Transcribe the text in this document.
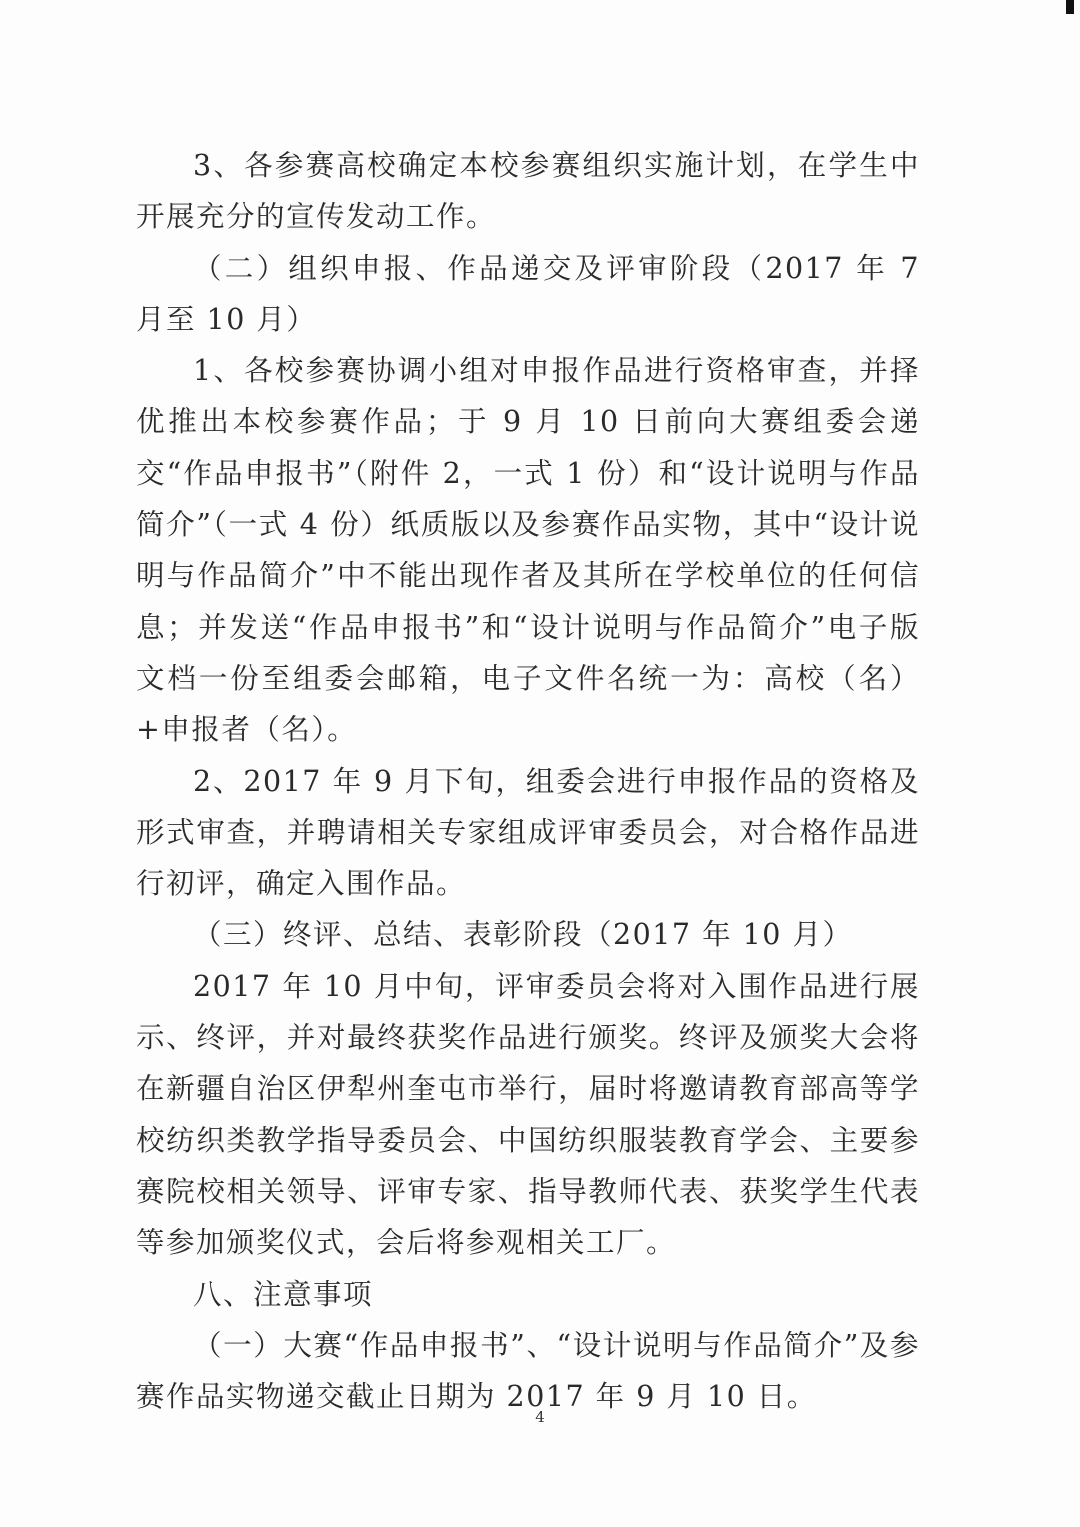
3、各参赛高校确定本校参赛组织实施计划，在学生中开展充分的宣传发动工作。

（二）组织申报、作品递交及评审阶段（2017 年 7 月至 10 月）

1、各校参赛协调小组对申报作品进行资格审查，并择优推出本校参赛作品；于 9 月 10 日前向大赛组委会递交“作品申报书”（附件 2，一式 1 份）和“设计说明与作品简介”（一式 4 份）纸质版以及参赛作品实物，其中“设计说明与作品简介”中不能出现作者及其所在学校单位的任何信息；并发送“作品申报书”和“设计说明与作品简介”电子版文档一份至组委会邮箱，电子文件名统一为：高校（名）+申报者（名）。

2、2017 年 9 月下旬，组委会进行申报作品的资格及形式审查，并聘请相关专家组成评审委员会，对合格作品进行初评，确定入围作品。

（三）终评、总结、表彰阶段（2017 年 10 月）

2017 年 10 月中旬，评审委员会将对入围作品进行展示、终评，并对最终获奖作品进行颁奖。终评及颁奖大会将在新疆自治区伊犁州奎屯市举行，届时将邀请教育部高等学校纺织类教学指导委员会、中国纺织服装教育学会、主要参赛院校相关领导、评审专家、指导教师代表、获奖学生代表等参加颁奖仪式，会后将参观相关工厂。

八、注意事项

（一）大赛“作品申报书”、“设计说明与作品简介”及参赛作品实物递交截止日期为 2017 年 9 月 10 日。

4
